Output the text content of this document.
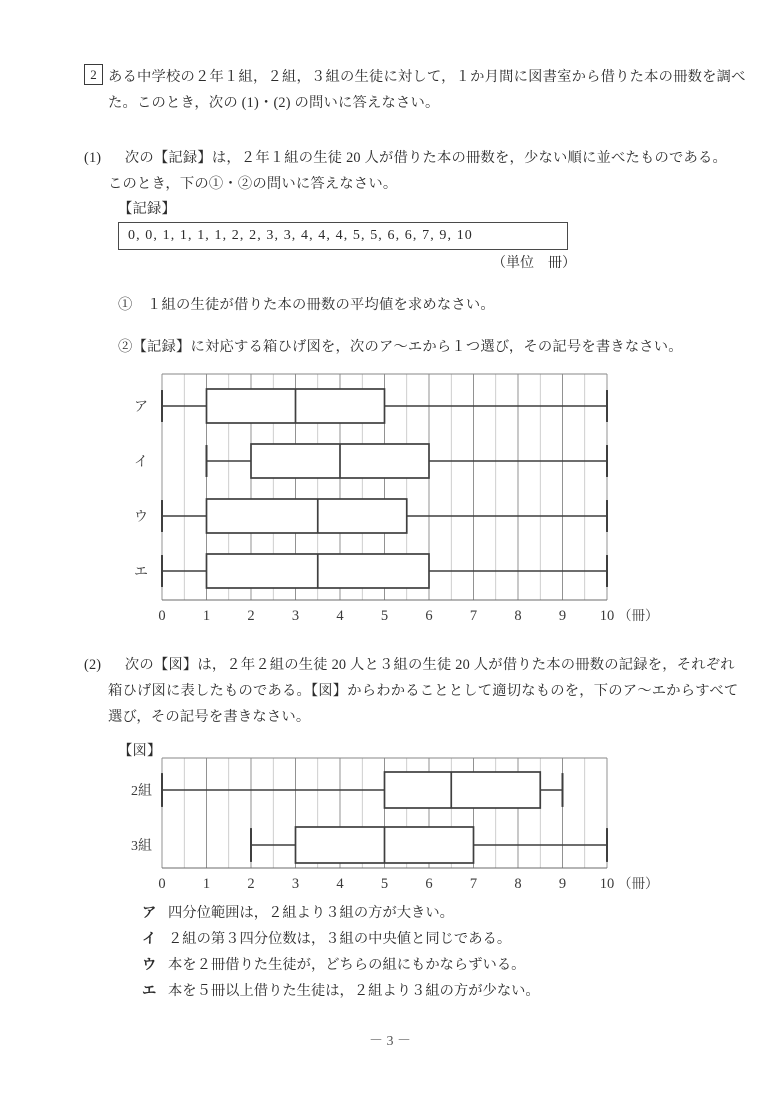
2 ある中学校の２年１組，２組，３組の生徒に対して，１か月間に図書室から借りた本の冊数を調べ
た。このとき，次の (1)・(2) の問いに答えなさい。
(1) 次の【記録】は，２年１組の生徒 20 人が借りた本の冊数を，少ない順に並べたものである。
このとき，下の①・②の問いに答えなさい。
【記録】
0, 0, 1, 1, 1, 1, 2, 2, 3, 3, 4, 4, 4, 5, 5, 6, 6, 7, 9, 10
（単位　冊）
①　１組の生徒が借りた本の冊数の平均値を求めなさい。
②【記録】に対応する箱ひげ図を，次のア〜エから１つ選び，その記号を書きなさい。
ア
イ
ウ
エ
0	1	2	3	4	5	6	7	8	9 10 （冊）
(2) 次の【図】は，２年２組の生徒 20 人と３組の生徒 20 人が借りた本の冊数の記録を，それぞれ
箱ひげ図に表したものである。【図】からわかることとして適切なものを，下のア〜エからすべて
選び，その記号を書きなさい。
【図】
2組
3組
0	1	2	3	4	5	6	7	8	9 10 （冊）
ア 四分位範囲は，２組より３組の方が大きい。
イ ２組の第３四分位数は，３組の中央値と同じである。
ウ 本を２冊借りた生徒が，どちらの組にもかならずいる。
エ 本を５冊以上借りた生徒は，２組より３組の方が少ない。
－ 3 －
